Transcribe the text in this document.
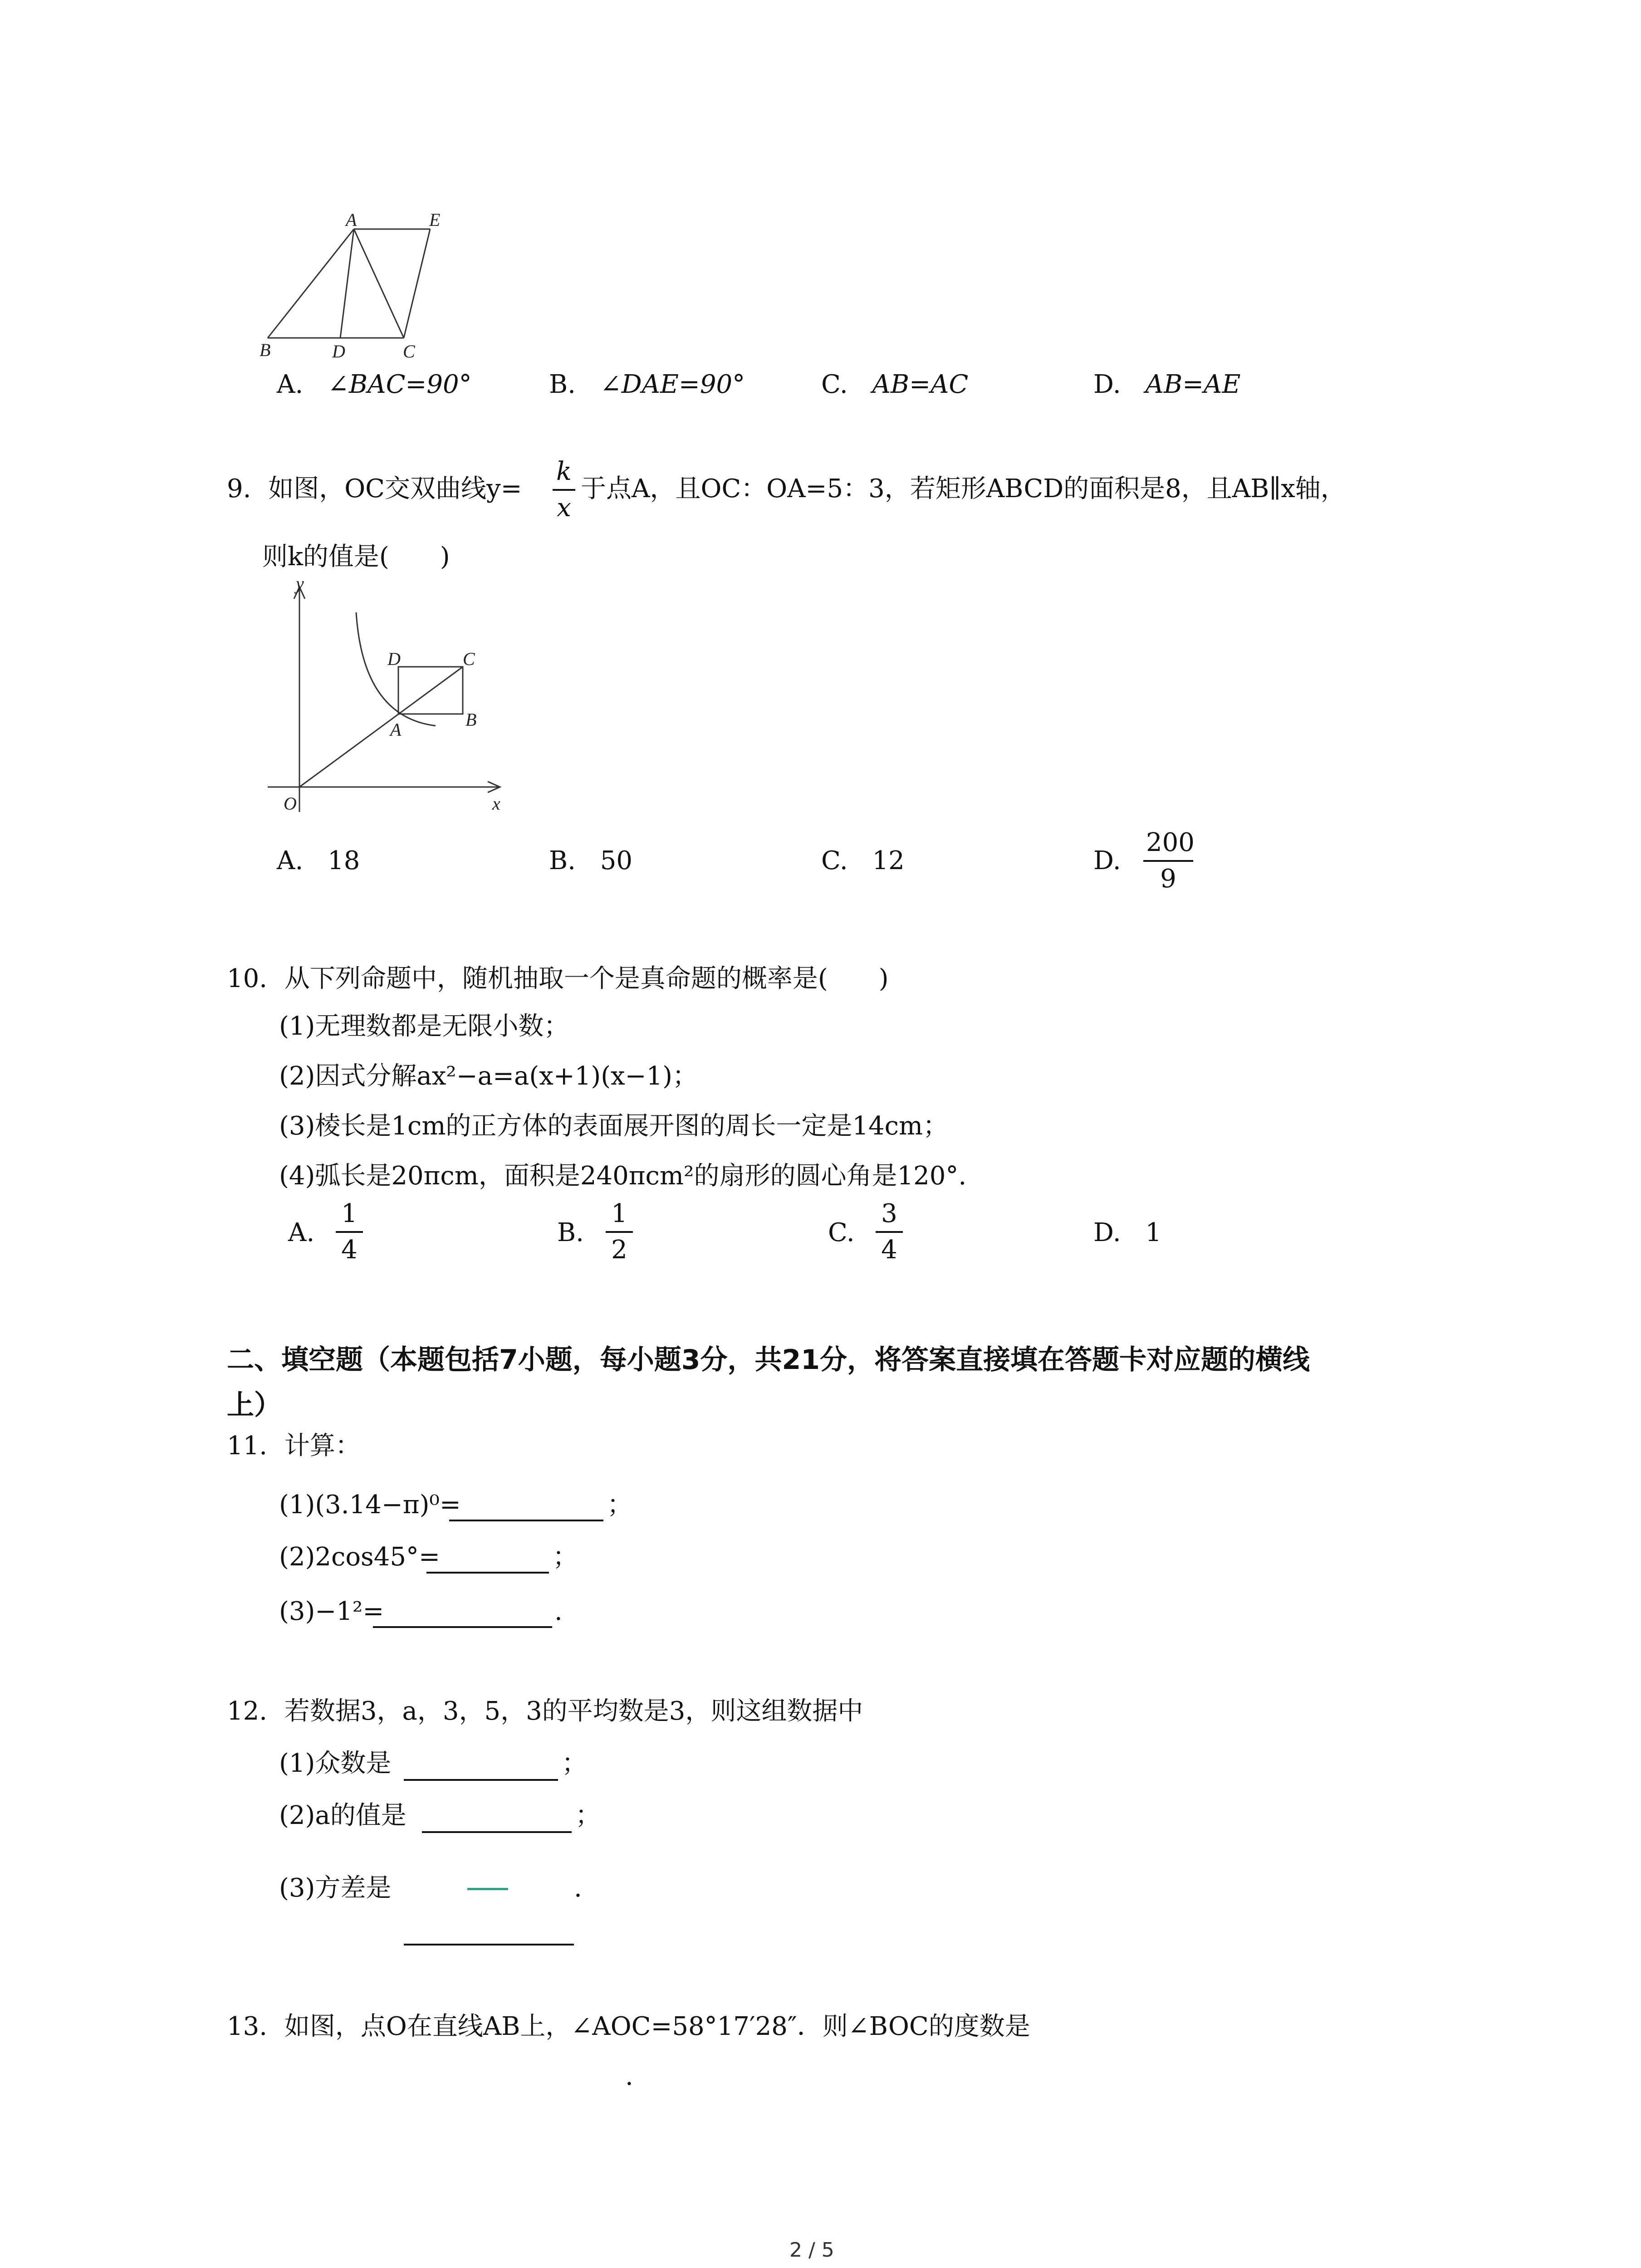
A	E
B	D	C
A. ∠BAC=90°	B. ∠DAE=90°	C. AB=AC	D. AB=AE
9. 如图，OC交双曲线y=
k
x
于点A，且OC：OA=5：3，若矩形ABCD的面积是8，且AB∥x轴，
则k的值是(　　)
y
x
O
A	B
C
D
A. 18	B. 50	C. 12	D.
200
9
10. 从下列命题中，随机抽取一个是真命题的概率是(　　)
(1)无理数都是无限小数；
(2)因式分解ax²−a=a(x+1)(x−1)；
(3)棱长是1cm的正方体的表面展开图的周长一定是14cm；
(4)弧长是20πcm，面积是240πcm²的扇形的圆心角是120°.
A.
1
4
B.
1
2
C.
3
4
D. 1
二、填空题（本题包括7小题，每小题3分，共21分，将答案直接填在答题卡对应题的横线
上）
11. 计算：
(1)(3.14−π)⁰=	；
(2)2cos45°=	；
(3)−1²=	.
12. 若数据3，a，3，5，3的平均数是3，则这组数据中
(1)众数是	；
(2)a的值是	；
(3)方差是	.
13. 如图，点O在直线AB上，∠AOC=58°17′28″．则∠BOC的度数是
.
2 / 5
